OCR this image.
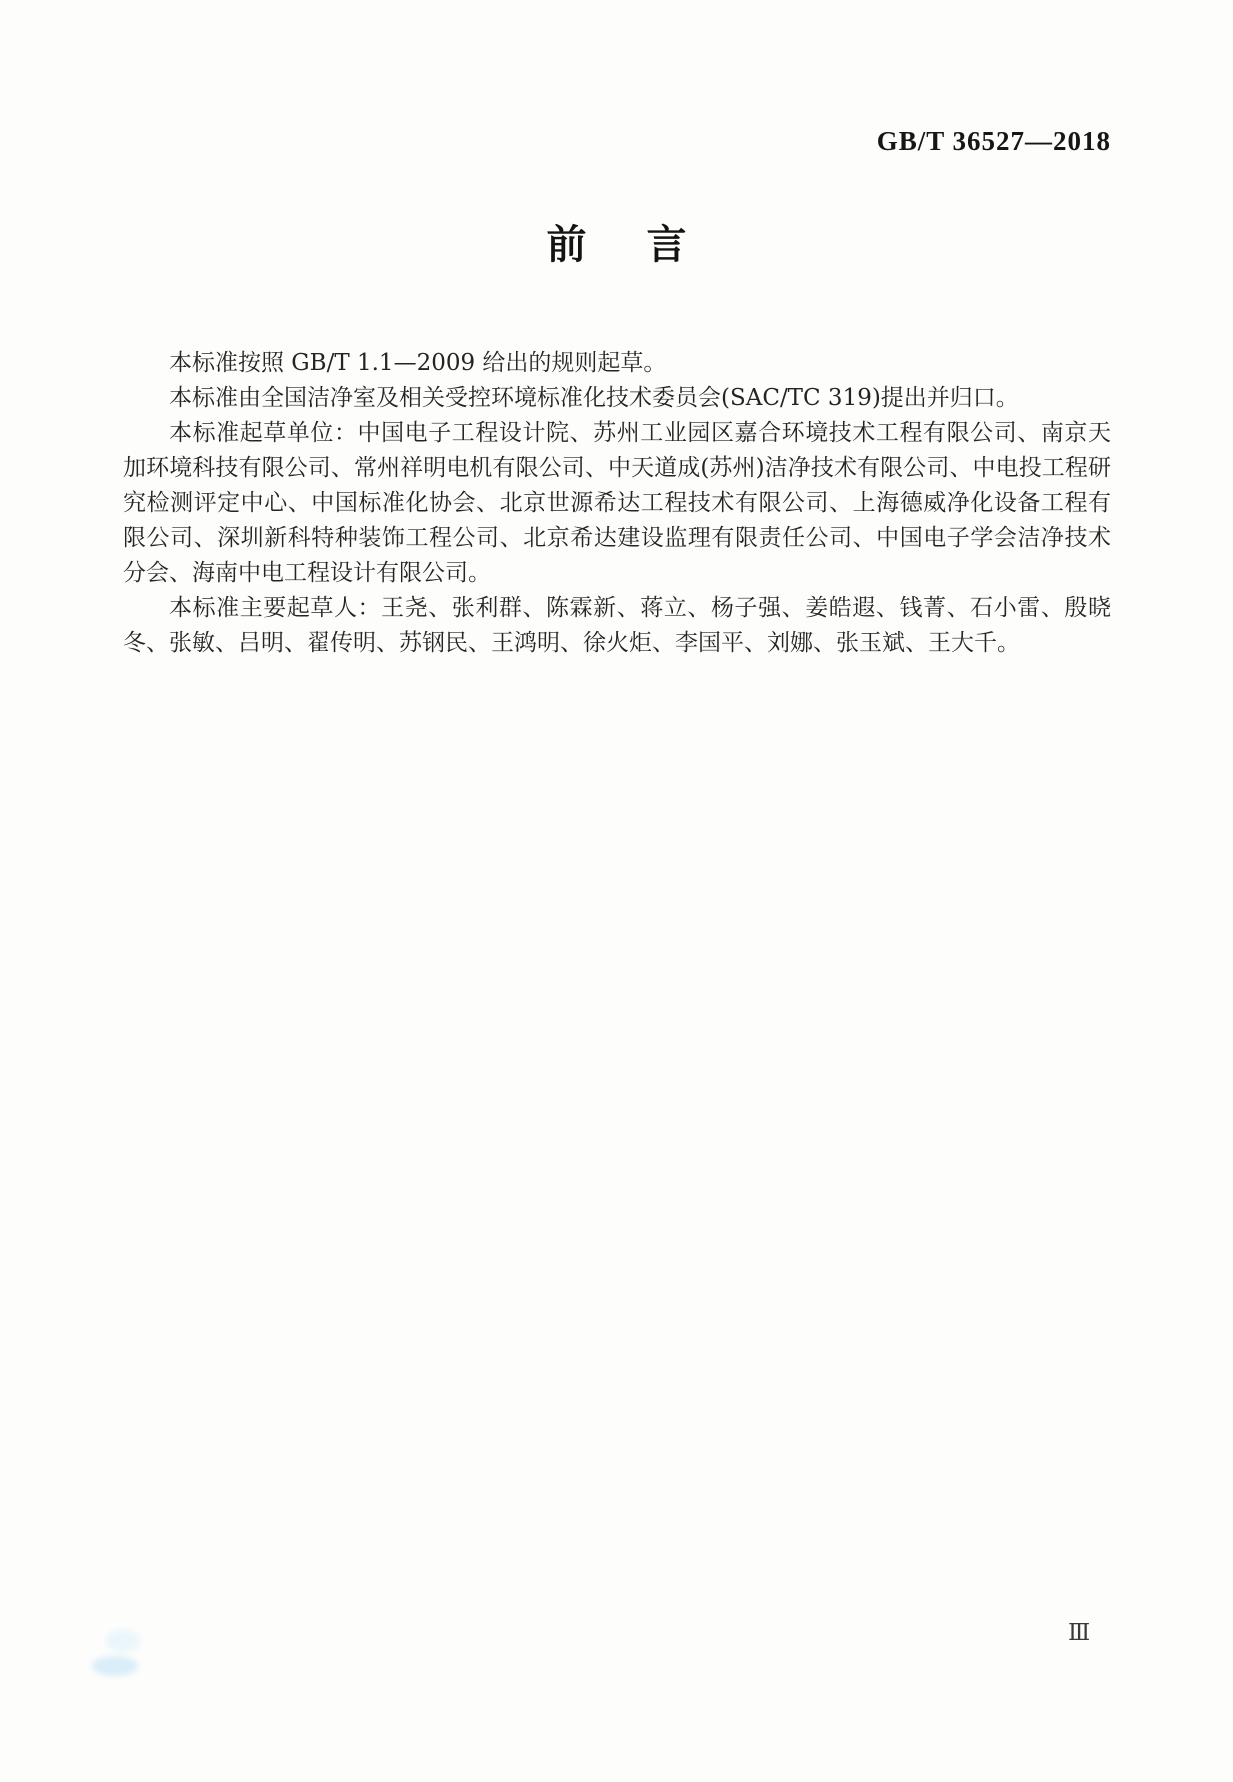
GB/T 36527—2018
前言

本标准按照 GB/T 1.1—2009 给出的规则起草。

本标准由全国洁净室及相关受控环境标准化技术委员会(SAC/TC 319)提出并归口。

本标准起草单位：中国电子工程设计院、苏州工业园区嘉合环境技术工程有限公司、南京天加环境科技有限公司、常州祥明电机有限公司、中天道成(苏州)洁净技术有限公司、中电投工程研究检测评定中心、中国标准化协会、北京世源希达工程技术有限公司、上海德威净化设备工程有限公司、深圳新科特种装饰工程公司、北京希达建设监理有限责任公司、中国电子学会洁净技术分会、海南中电工程设计有限公司。

本标准主要起草人：王尧、张利群、陈霖新、蒋立、杨子强、姜皓遐、钱菁、石小雷、殷晓冬、张敏、吕明、翟传明、苏钢民、王鸿明、徐火炬、李国平、刘娜、张玉斌、王大千。

Ⅲ
